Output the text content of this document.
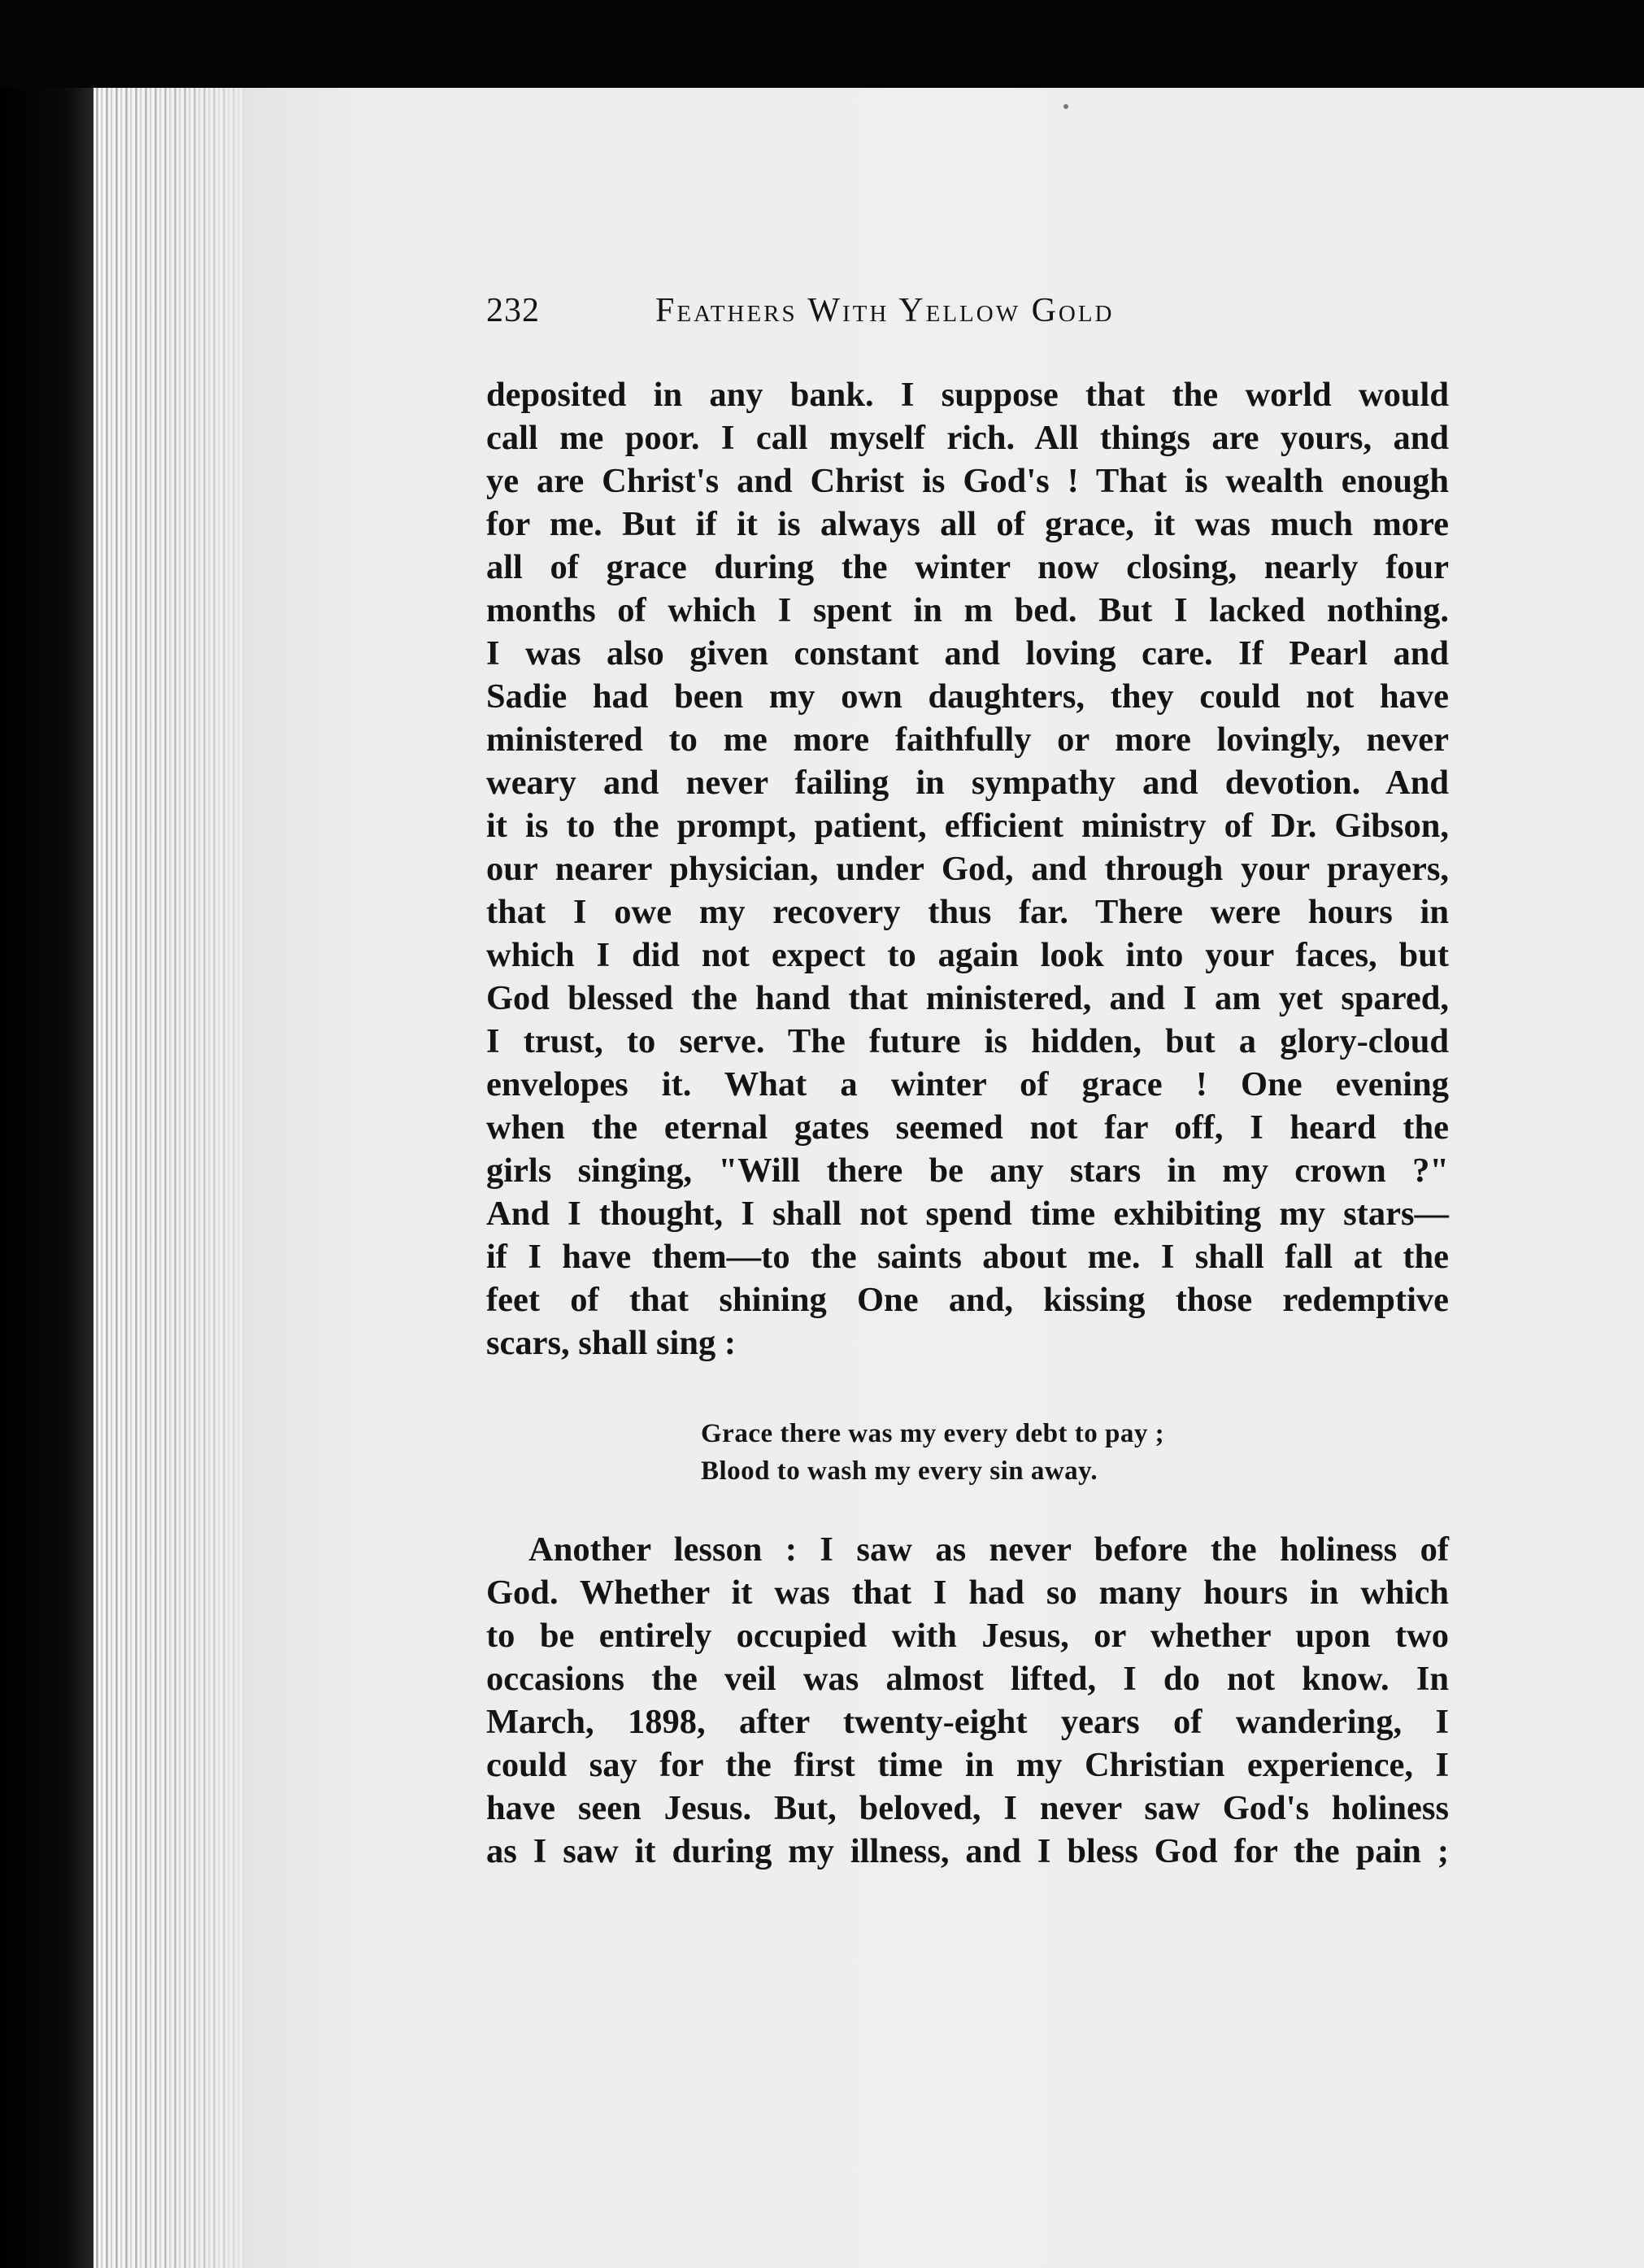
232	Feathers With Yellow Gold
deposited in any bank. I suppose that the world would
call me poor. I call myself rich. All things are yours, and
ye are Christ's and Christ is God's ! That is wealth enough
for me. But if it is always all of grace, it was much more
all of grace during the winter now closing, nearly four
months of which I spent in m bed. But I lacked nothing.
I was also given constant and loving care. If Pearl and
Sadie had been my own daughters, they could not have
ministered to me more faithfully or more lovingly, never
weary and never failing in sympathy and devotion. And
it is to the prompt, patient, efficient ministry of Dr. Gibson,
our nearer physician, under God, and through your prayers,
that I owe my recovery thus far. There were hours in
which I did not expect to again look into your faces, but
God blessed the hand that ministered, and I am yet spared,
I trust, to serve. The future is hidden, but a glory-cloud
envelopes it. What a winter of grace ! One evening
when the eternal gates seemed not far off, I heard the
girls singing, "Will there be any stars in my crown ?"
And I thought, I shall not spend time exhibiting my stars—
if I have them—to the saints about me. I shall fall at the
feet of that shining One and, kissing those redemptive
scars, shall sing :
Grace there was my every debt to pay ;
Blood to wash my every sin away.
Another lesson : I saw as never before the holiness of
God. Whether it was that I had so many hours in which
to be entirely occupied with Jesus, or whether upon two
occasions the veil was almost lifted, I do not know. In
March, 1898, after twenty-eight years of wandering, I
could say for the first time in my Christian experience, I
have seen Jesus. But, beloved, I never saw God's holiness
as I saw it during my illness, and I bless God for the pain ;
